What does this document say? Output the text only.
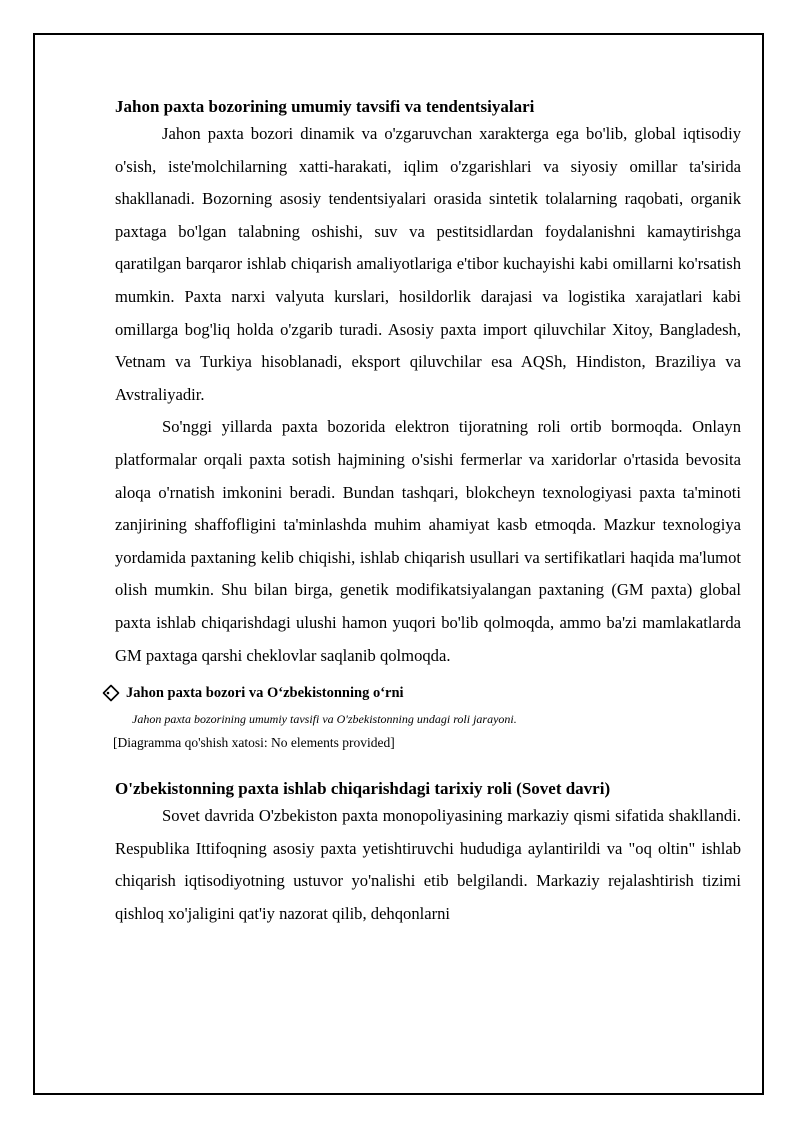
Jahon paxta bozorining umumiy tavsifi va tendentsiyalari

Jahon paxta bozori dinamik va o'zgaruvchan xarakterga ega bo'lib, global iqtisodiy o'sish, iste'molchilarning xatti-harakati, iqlim o'zgarishlari va siyosiy omillar ta'sirida shakllanadi. Bozorning asosiy tendentsiyalari orasida sintetik tolalarning raqobati, organik paxtaga bo'lgan talabning oshishi, suv va pestitsidlardan foydalanishni kamaytirishga qaratilgan barqaror ishlab chiqarish amaliyotlariga e'tibor kuchayishi kabi omillarni ko'rsatish mumkin. Paxta narxi valyuta kurslari, hosildorlik darajasi va logistika xarajatlari kabi omillarga bog'liq holda o'zgarib turadi. Asosiy paxta import qiluvchilar Xitoy, Bangladesh, Vetnam va Turkiya hisoblanadi, eksport qiluvchilar esa AQSh, Hindiston, Braziliya va Avstraliyadir.

So'nggi yillarda paxta bozorida elektron tijoratning roli ortib bormoqda. Onlayn platformalar orqali paxta sotish hajmining o'sishi fermerlar va xaridorlar o'rtasida bevosita aloqa o'rnatish imkonini beradi. Bundan tashqari, blokcheyn texnologiyasi paxta ta'minoti zanjirining shaffofligini ta'minlashda muhim ahamiyat kasb etmoqda. Mazkur texnologiya yordamida paxtaning kelib chiqishi, ishlab chiqarish usullari va sertifikatlari haqida ma'lumot olish mumkin. Shu bilan birga, genetik modifikatsiyalangan paxtaning (GM paxta) global paxta ishlab chiqarishdagi ulushi hamon yuqori bo'lib qolmoqda, ammo ba'zi mamlakatlarda GM paxtaga qarshi cheklovlar saqlanib qolmoqda.

Jahon paxta bozori va O‘zbekistonning o‘rni
Jahon paxta bozorining umumiy tavsifi va O'zbekistonning undagi roli jarayoni.
[Diagramma qo'shish xatosi: No elements provided]
O'zbekistonning paxta ishlab chiqarishdagi tarixiy roli (Sovet davri)

Sovet davrida O'zbekiston paxta monopoliyasining markaziy qismi sifatida shakllandi. Respublika Ittifoqning asosiy paxta yetishtiruvchi hududiga aylantirildi va "oq oltin" ishlab chiqarish iqtisodiyotning ustuvor yo'nalishi etib belgilandi. Markaziy rejalashtirish tizimi qishloq xo'jaligini qat'iy nazorat qilib, dehqonlarni
